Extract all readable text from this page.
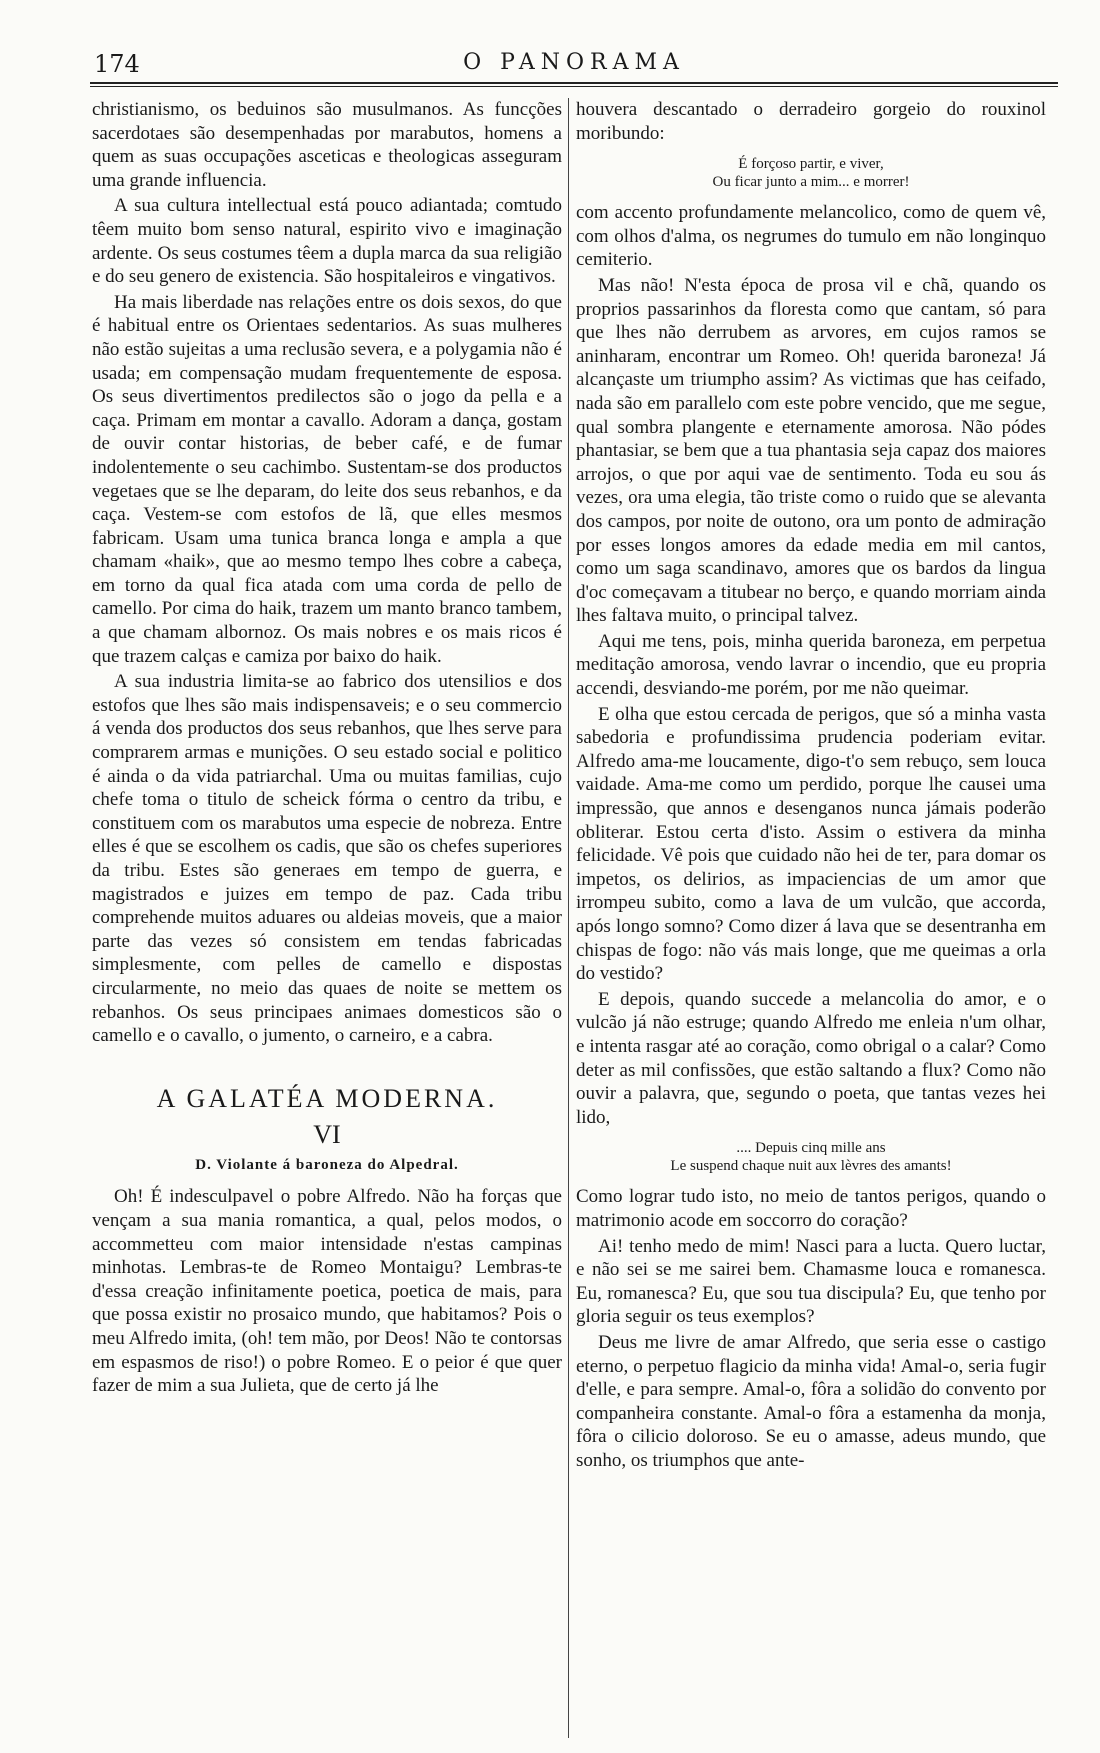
174	O PANORAMA

christianismo, os beduinos são musulmanos. As funcções sacerdotaes são desempenhadas por marabutos, homens a quem as suas occupações asceticas e theologicas asseguram uma grande influencia.

A sua cultura intellectual está pouco adiantada; comtudo têem muito bom senso natural, espirito vivo e imaginação ardente. Os seus costumes têem a dupla marca da sua religião e do seu genero de existencia. São hospitaleiros e vingativos.

Ha mais liberdade nas relações entre os dois sexos, do que é habitual entre os Orientaes sedentarios. As suas mulheres não estão sujeitas a uma reclusão severa, e a polygamia não é usada; em compensação mudam frequentemente de esposa. Os seus divertimentos predilectos são o jogo da pella e a caça. Primam em montar a cavallo. Adoram a dança, gostam de ouvir contar historias, de beber café, e de fumar indolentemente o seu cachimbo. Sustentam-se dos productos vegetaes que se lhe deparam, do leite dos seus rebanhos, e da caça. Vestem-se com estofos de lã, que elles mesmos fabricam. Usam uma tunica branca longa e ampla a que chamam «haik», que ao mesmo tempo lhes cobre a cabeça, em torno da qual fica atada com uma corda de pello de camello. Por cima do haik, trazem um manto branco tambem, a que chamam albornoz. Os mais nobres e os mais ricos é que trazem calças e camiza por baixo do haik.

A sua industria limita-se ao fabrico dos utensilios e dos estofos que lhes são mais indispensaveis; e o seu commercio á venda dos productos dos seus rebanhos, que lhes serve para comprarem armas e munições. O seu estado social e politico é ainda o da vida patriarchal. Uma ou muitas familias, cujo chefe toma o titulo de scheick fórma o centro da tribu, e constituem com os marabutos uma especie de nobreza. Entre elles é que se escolhem os cadis, que são os chefes superiores da tribu. Estes são generaes em tempo de guerra, e magistrados e juizes em tempo de paz. Cada tribu comprehende muitos aduares ou aldeias moveis, que a maior parte das vezes só consistem em tendas fabricadas simplesmente, com pelles de camello e dispostas circularmente, no meio das quaes de noite se mettem os rebanhos. Os seus principaes animaes domesticos são o camello e o cavallo, o jumento, o carneiro, e a cabra.

A GALATÉA MODERNA.
VI
D. Violante á baroneza do Alpedral.

Oh! É indesculpavel o pobre Alfredo. Não ha forças que vençam a sua mania romantica, a qual, pelos modos, o accommetteu com maior intensidade n'estas campinas minhotas. Lembras-te de Romeo Montaigu? Lembras-te d'essa creação infinitamente poetica, poetica de mais, para que possa existir no prosaico mundo, que habitamos? Pois o meu Alfredo imita, (oh! tem mão, por Deos! Não te contorsas em espasmos de riso!) o pobre Romeo. E o peior é que quer fazer de mim a sua Julieta, que de certo já lhe

houvera descantado o derradeiro gorgeio do rouxinol moribundo:

É forçoso partir, e viver,
Ou ficar junto a mim... e morrer!

com accento profundamente melancolico, como de quem vê, com olhos d'alma, os negrumes do tumulo em não longinquo cemiterio.

Mas não! N'esta época de prosa vil e chã, quando os proprios passarinhos da floresta como que cantam, só para que lhes não derrubem as arvores, em cujos ramos se aninharam, encontrar um Romeo. Oh! querida baroneza! Já alcançaste um triumpho assim? As victimas que has ceifado, nada são em parallelo com este pobre vencido, que me segue, qual sombra plangente e eternamente amorosa. Não pódes phantasiar, se bem que a tua phantasia seja capaz dos maiores arrojos, o que por aqui vae de sentimento. Toda eu sou ás vezes, ora uma elegia, tão triste como o ruido que se alevanta dos campos, por noite de outono, ora um ponto de admiração por esses longos amores da edade media em mil cantos, como um saga scandinavo, amores que os bardos da lingua d'oc começavam a titubear no berço, e quando morriam ainda lhes faltava muito, o principal talvez.

Aqui me tens, pois, minha querida baroneza, em perpetua meditação amorosa, vendo lavrar o incendio, que eu propria accendi, desviando-me porém, por me não queimar.

E olha que estou cercada de perigos, que só a minha vasta sabedoria e profundissima prudencia poderiam evitar. Alfredo ama-me loucamente, digo-t'o sem rebuço, sem louca vaidade. Ama-me como um perdido, porque lhe causei uma impressão, que annos e desenganos nunca jámais poderão obliterar. Estou certa d'isto. Assim o estivera da minha felicidade. Vê pois que cuidado não hei de ter, para domar os impetos, os delirios, as impaciencias de um amor que irrompeu subito, como a lava de um vulcão, que accorda, após longo somno? Como dizer á lava que se desentranha em chispas de fogo: não vás mais longe, que me queimas a orla do vestido?

E depois, quando succede a melancolia do amor, e o vulcão já não estruge; quando Alfredo me enleia n'um olhar, e intenta rasgar até ao coração, como obrigal o a calar? Como deter as mil confissões, que estão saltando a flux? Como não ouvir a palavra, que, segundo o poeta, que tantas vezes hei lido,

.... Depuis cinq mille ans
Le suspend chaque nuit aux lèvres des amants!

Como lograr tudo isto, no meio de tantos perigos, quando o matrimonio acode em soccorro do coração?

Ai! tenho medo de mim! Nasci para a lucta. Quero luctar, e não sei se me sairei bem. Chamasme louca e romanesca. Eu, romanesca? Eu, que sou tua discipula? Eu, que tenho por gloria seguir os teus exemplos?

Deus me livre de amar Alfredo, que seria esse o castigo eterno, o perpetuo flagicio da minha vida! Amal-o, seria fugir d'elle, e para sempre. Amal-o, fôra a solidão do convento por companheira constante. Amal-o fôra a estamenha da monja, fôra o cilicio doloroso. Se eu o amasse, adeus mundo, que sonho, os triumphos que ante-
